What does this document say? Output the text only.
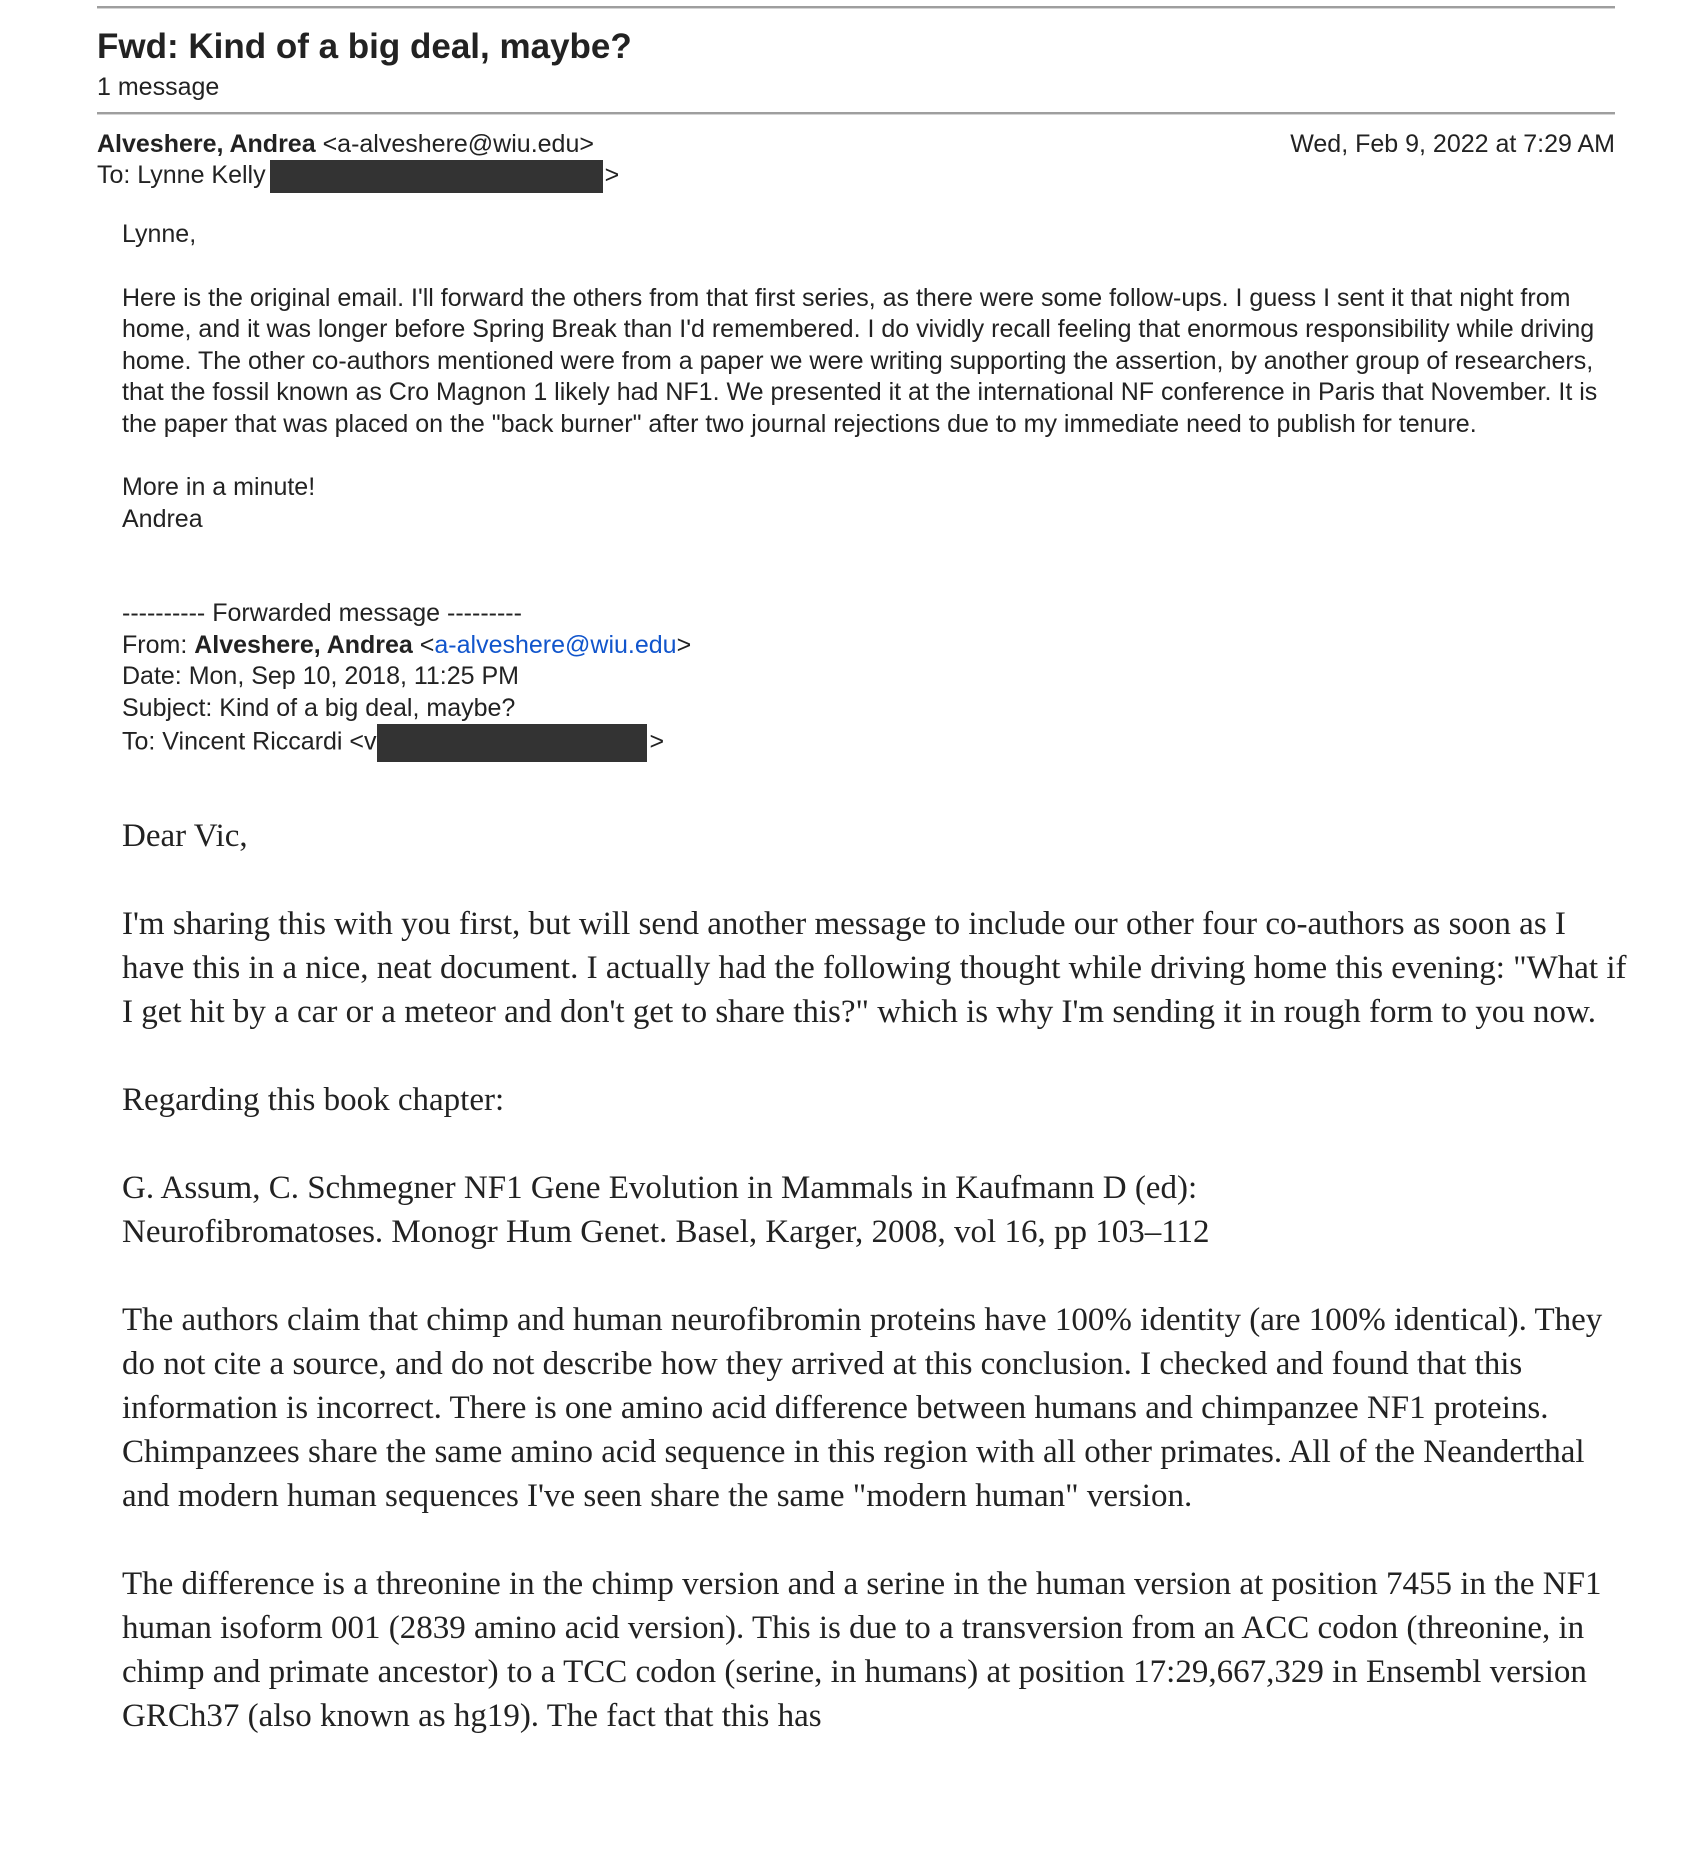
Fwd: Kind of a big deal, maybe?
1 message
Alveshere, Andrea <a-alveshere@wiu.edu>	Wed, Feb 9, 2022 at 7:29 AM
To: Lynne Kelly	>

Lynne,

Here is the original email. I'll forward the others from that first series, as there were some follow-ups. I guess I sent it that night from home, and it was longer before Spring Break than I'd remembered. I do vividly recall feeling that enormous responsibility while driving home. The other co-authors mentioned were from a paper we were writing supporting the assertion, by another group of researchers, that the fossil known as Cro Magnon 1 likely had NF1. We presented it at the international NF conference in Paris that November. It is the paper that was placed on the "back burner" after two journal rejections due to my immediate need to publish for tenure.

More in a minute!

Andrea

---------- Forwarded message ---------

From: Alveshere, Andrea <a-alveshere@wiu.edu>

Date: Mon, Sep 10, 2018, 11:25 PM

Subject: Kind of a big deal, maybe?

To: Vincent Riccardi <v	>

Dear Vic,

I'm sharing this with you first, but will send another message to include our other four co-authors as soon as I have this in a nice, neat document. I actually had the following thought while driving home this evening: "What if I get hit by a car or a meteor and don't get to share this?" which is why I'm sending it in rough form to you now.

Regarding this book chapter:

G. Assum, C. Schmegner NF1 Gene Evolution in Mammals in Kaufmann D (ed):

Neurofibromatoses. Monogr Hum Genet. Basel, Karger, 2008, vol 16, pp 103–112

The authors claim that chimp and human neurofibromin proteins have 100% identity (are 100% identical). They do not cite a source, and do not describe how they arrived at this conclusion. I checked and found that this information is incorrect. There is one amino acid difference between humans and chimpanzee NF1 proteins. Chimpanzees share the same amino acid sequence in this region with all other primates. All of the Neanderthal and modern human sequences I've seen share the same "modern human" version.

The difference is a threonine in the chimp version and a serine in the human version at position 7455 in the NF1 human isoform 001 (2839 amino acid version). This is due to a transversion from an ACC codon (threonine, in chimp and primate ancestor) to a TCC codon (serine, in humans) at position 17:29,667,329 in Ensembl version GRCh37 (also known as hg19). The fact that this has
